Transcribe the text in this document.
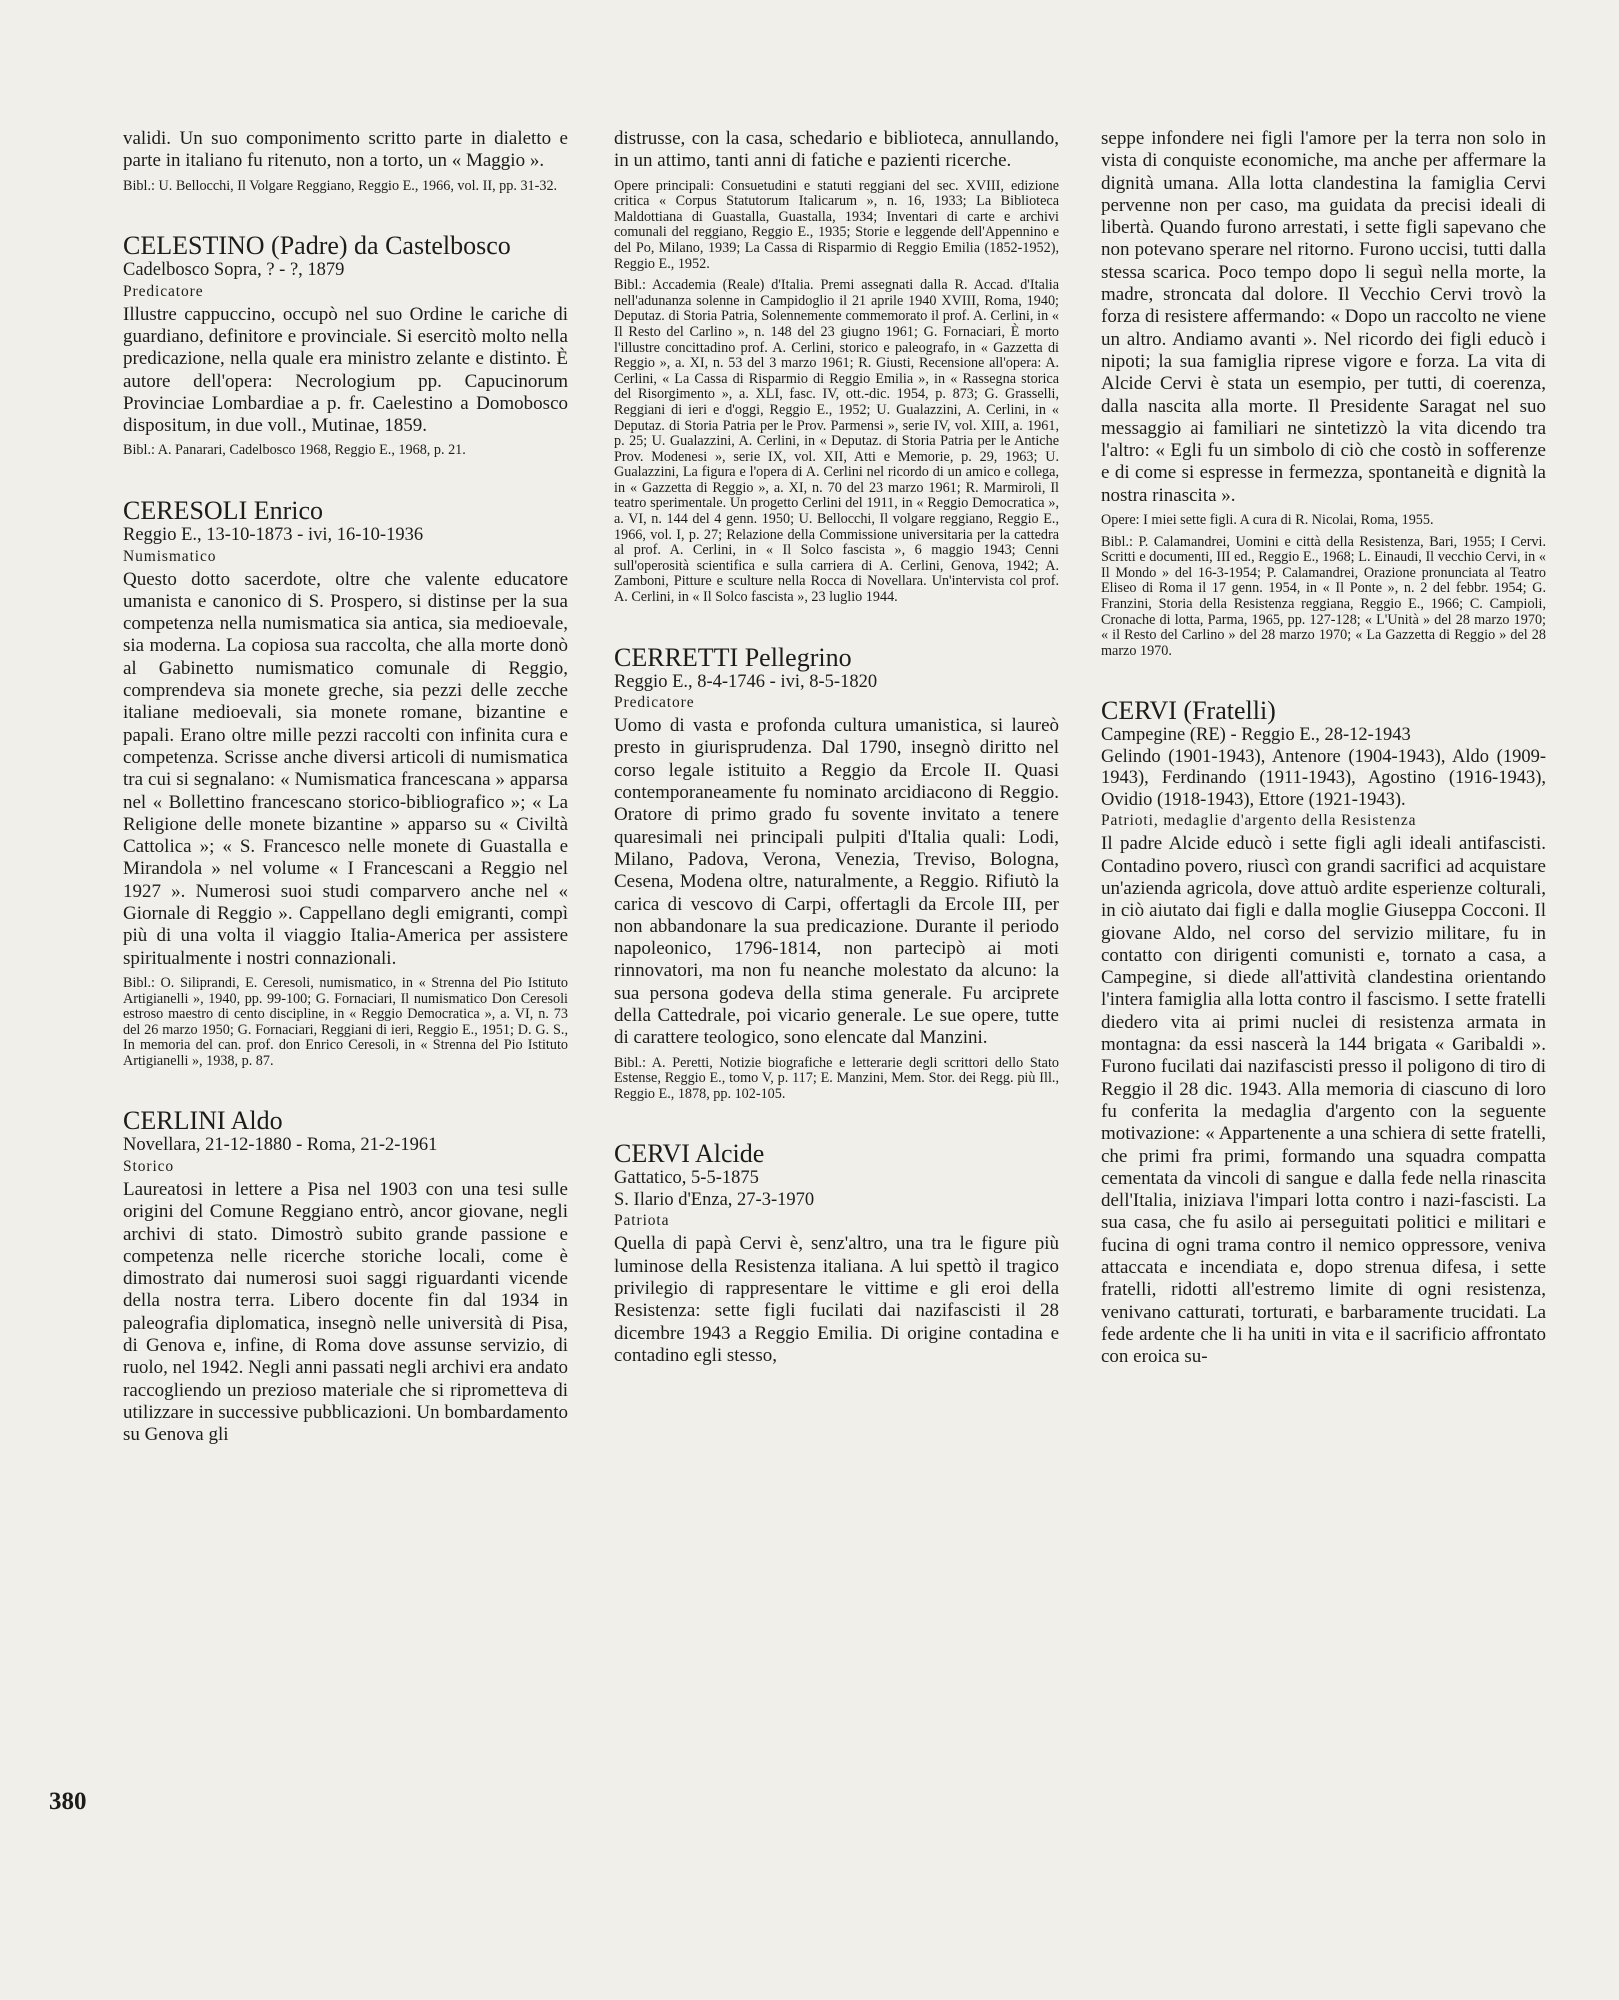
validi. Un suo componimento scritto parte in dialetto e parte in italiano fu ritenuto, non a torto, un « Maggio ».

Bibl.: U. Bellocchi, Il Volgare Reggiano, Reggio E., 1966, vol. II, pp. 31-32.

CELESTINO (Padre) da Castelbosco
Cadelbosco Sopra, ? - ?, 1879
Predicatore

Illustre cappuccino, occupò nel suo Ordine le cariche di guardiano, definitore e provinciale. Si esercitò molto nella predicazione, nella quale era ministro zelante e distinto. È autore dell'opera: Necrologium pp. Capucinorum Provinciae Lombardiae a p. fr. Caelestino a Domobosco dispositum, in due voll., Mutinae, 1859.

Bibl.: A. Panarari, Cadelbosco 1968, Reggio E., 1968, p. 21.

CERESOLI Enrico
Reggio E., 13-10-1873 - ivi, 16-10-1936
Numismatico

Questo dotto sacerdote, oltre che valente educatore umanista e canonico di S. Prospero, si distinse per la sua competenza nella numismatica sia antica, sia medioevale, sia moderna. La copiosa sua raccolta, che alla morte donò al Gabinetto numismatico comunale di Reggio, comprendeva sia monete greche, sia pezzi delle zecche italiane medioevali, sia monete romane, bizantine e papali. Erano oltre mille pezzi raccolti con infinita cura e competenza. Scrisse anche diversi articoli di numismatica tra cui si segnalano: « Numismatica francescana » apparsa nel « Bollettino francescano storico-bibliografico »; « La Religione delle monete bizantine » apparso su « Civiltà Cattolica »; « S. Francesco nelle monete di Guastalla e Mirandola » nel volume « I Francescani a Reggio nel 1927 ». Numerosi suoi studi comparvero anche nel « Giornale di Reggio ». Cappellano degli emigranti, compì più di una volta il viaggio Italia-America per assistere spiritualmente i nostri connazionali.

Bibl.: O. Siliprandi, E. Ceresoli, numismatico, in « Strenna del Pio Istituto Artigianelli », 1940, pp. 99-100; G. Fornaciari, Il numismatico Don Ceresoli estroso maestro di cento discipline, in « Reggio Democratica », a. VI, n. 73 del 26 marzo 1950; G. Fornaciari, Reggiani di ieri, Reggio E., 1951; D. G. S., In memoria del can. prof. don Enrico Ceresoli, in « Strenna del Pio Istituto Artigianelli », 1938, p. 87.

CERLINI Aldo
Novellara, 21-12-1880 - Roma, 21-2-1961
Storico

Laureatosi in lettere a Pisa nel 1903 con una tesi sulle origini del Comune Reggiano entrò, ancor giovane, negli archivi di stato. Dimostrò subito grande passione e competenza nelle ricerche storiche locali, come è dimostrato dai numerosi suoi saggi riguardanti vicende della nostra terra. Libero docente fin dal 1934 in paleografia diplomatica, insegnò nelle università di Pisa, di Genova e, infine, di Roma dove assunse servizio, di ruolo, nel 1942. Negli anni passati negli archivi era andato raccogliendo un prezioso materiale che si riprometteva di utilizzare in successive pubblicazioni. Un bombardamento su Genova gli

distrusse, con la casa, schedario e biblioteca, annullando, in un attimo, tanti anni di fatiche e pazienti ricerche.

Opere principali: Consuetudini e statuti reggiani del sec. XVIII, edizione critica « Corpus Statutorum Italicarum », n. 16, 1933; La Biblioteca Maldottiana di Guastalla, Guastalla, 1934; Inventari di carte e archivi comunali del reggiano, Reggio E., 1935; Storie e leggende dell'Appennino e del Po, Milano, 1939; La Cassa di Risparmio di Reggio Emilia (1852-1952), Reggio E., 1952.

Bibl.: Accademia (Reale) d'Italia. Premi assegnati dalla R. Accad. d'Italia nell'adunanza solenne in Campidoglio il 21 aprile 1940 XVIII, Roma, 1940; Deputaz. di Storia Patria, Solennemente commemorato il prof. A. Cerlini, in « Il Resto del Carlino », n. 148 del 23 giugno 1961; G. Fornaciari, È morto l'illustre concittadino prof. A. Cerlini, storico e paleografo, in « Gazzetta di Reggio », a. XI, n. 53 del 3 marzo 1961; R. Giusti, Recensione all'opera: A. Cerlini, « La Cassa di Risparmio di Reggio Emilia », in « Rassegna storica del Risorgimento », a. XLI, fasc. IV, ott.-dic. 1954, p. 873; G. Grasselli, Reggiani di ieri e d'oggi, Reggio E., 1952; U. Gualazzini, A. Cerlini, in « Deputaz. di Storia Patria per le Prov. Parmensi », serie IV, vol. XIII, a. 1961, p. 25; U. Gualazzini, A. Cerlini, in « Deputaz. di Storia Patria per le Antiche Prov. Modenesi », serie IX, vol. XII, Atti e Memorie, p. 29, 1963; U. Gualazzini, La figura e l'opera di A. Cerlini nel ricordo di un amico e collega, in « Gazzetta di Reggio », a. XI, n. 70 del 23 marzo 1961; R. Marmiroli, Il teatro sperimentale. Un progetto Cerlini del 1911, in « Reggio Democratica », a. VI, n. 144 del 4 genn. 1950; U. Bellocchi, Il volgare reggiano, Reggio E., 1966, vol. I, p. 27; Relazione della Commissione universitaria per la cattedra al prof. A. Cerlini, in « Il Solco fascista », 6 maggio 1943; Cenni sull'operosità scientifica e sulla carriera di A. Cerlini, Genova, 1942; A. Zamboni, Pitture e sculture nella Rocca di Novellara. Un'intervista col prof. A. Cerlini, in « Il Solco fascista », 23 luglio 1944.

CERRETTI Pellegrino
Reggio E., 8-4-1746 - ivi, 8-5-1820
Predicatore

Uomo di vasta e profonda cultura umanistica, si laureò presto in giurisprudenza. Dal 1790, insegnò diritto nel corso legale istituito a Reggio da Ercole II. Quasi contemporaneamente fu nominato arcidiacono di Reggio. Oratore di primo grado fu sovente invitato a tenere quaresimali nei principali pulpiti d'Italia quali: Lodi, Milano, Padova, Verona, Venezia, Treviso, Bologna, Cesena, Modena oltre, naturalmente, a Reggio. Rifiutò la carica di vescovo di Carpi, offertagli da Ercole III, per non abbandonare la sua predicazione. Durante il periodo napoleonico, 1796-1814, non partecipò ai moti rinnovatori, ma non fu neanche molestato da alcuno: la sua persona godeva della stima generale. Fu arciprete della Cattedrale, poi vicario generale. Le sue opere, tutte di carattere teologico, sono elencate dal Manzini.

Bibl.: A. Peretti, Notizie biografiche e letterarie degli scrittori dello Stato Estense, Reggio E., tomo V, p. 117; E. Manzini, Mem. Stor. dei Regg. più Ill., Reggio E., 1878, pp. 102-105.

CERVI Alcide
Gattatico, 5-5-1875
S. Ilario d'Enza, 27-3-1970
Patriota

Quella di papà Cervi è, senz'altro, una tra le figure più luminose della Resistenza italiana. A lui spettò il tragico privilegio di rappresentare le vittime e gli eroi della Resistenza: sette figli fucilati dai nazifascisti il 28 dicembre 1943 a Reggio Emilia. Di origine contadina e contadino egli stesso,

seppe infondere nei figli l'amore per la terra non solo in vista di conquiste economiche, ma anche per affermare la dignità umana. Alla lotta clandestina la famiglia Cervi pervenne non per caso, ma guidata da precisi ideali di libertà. Quando furono arrestati, i sette figli sapevano che non potevano sperare nel ritorno. Furono uccisi, tutti dalla stessa scarica. Poco tempo dopo li seguì nella morte, la madre, stroncata dal dolore. Il Vecchio Cervi trovò la forza di resistere affermando: « Dopo un raccolto ne viene un altro. Andiamo avanti ». Nel ricordo dei figli educò i nipoti; la sua famiglia riprese vigore e forza. La vita di Alcide Cervi è stata un esempio, per tutti, di coerenza, dalla nascita alla morte. Il Presidente Saragat nel suo messaggio ai familiari ne sintetizzò la vita dicendo tra l'altro: « Egli fu un simbolo di ciò che costò in sofferenze e di come si espresse in fermezza, spontaneità e dignità la nostra rinascita ».

Opere: I miei sette figli. A cura di R. Nicolai, Roma, 1955.

Bibl.: P. Calamandrei, Uomini e città della Resistenza, Bari, 1955; I Cervi. Scritti e documenti, III ed., Reggio E., 1968; L. Einaudi, Il vecchio Cervi, in « Il Mondo » del 16-3-1954; P. Calamandrei, Orazione pronunciata al Teatro Eliseo di Roma il 17 genn. 1954, in « Il Ponte », n. 2 del febbr. 1954; G. Franzini, Storia della Resistenza reggiana, Reggio E., 1966; C. Campioli, Cronache di lotta, Parma, 1965, pp. 127-128; « L'Unità » del 28 marzo 1970; « il Resto del Carlino » del 28 marzo 1970; « La Gazzetta di Reggio » del 28 marzo 1970.

CERVI (Fratelli)
Campegine (RE) - Reggio E., 28-12-1943
Gelindo (1901-1943), Antenore (1904-1943), Aldo (1909-1943), Ferdinando (1911-1943), Agostino (1916-1943), Ovidio (1918-1943), Ettore (1921-1943).
Patrioti, medaglie d'argento della Resistenza

Il padre Alcide educò i sette figli agli ideali antifascisti. Contadino povero, riuscì con grandi sacrifici ad acquistare un'azienda agricola, dove attuò ardite esperienze colturali, in ciò aiutato dai figli e dalla moglie Giuseppa Cocconi. Il giovane Aldo, nel corso del servizio militare, fu in contatto con dirigenti comunisti e, tornato a casa, a Campegine, si diede all'attività clandestina orientando l'intera famiglia alla lotta contro il fascismo. I sette fratelli diedero vita ai primi nuclei di resistenza armata in montagna: da essi nascerà la 144 brigata « Garibaldi ». Furono fucilati dai nazifascisti presso il poligono di tiro di Reggio il 28 dic. 1943. Alla memoria di ciascuno di loro fu conferita la medaglia d'argento con la seguente motivazione: « Appartenente a una schiera di sette fratelli, che primi fra primi, formando una squadra compatta cementata da vincoli di sangue e dalla fede nella rinascita dell'Italia, iniziava l'impari lotta contro i nazi-fascisti. La sua casa, che fu asilo ai perseguitati politici e militari e fucina di ogni trama contro il nemico oppressore, veniva attaccata e incendiata e, dopo strenua difesa, i sette fratelli, ridotti all'estremo limite di ogni resistenza, venivano catturati, torturati, e barbaramente trucidati. La fede ardente che li ha uniti in vita e il sacrificio affrontato con eroica su-

380
